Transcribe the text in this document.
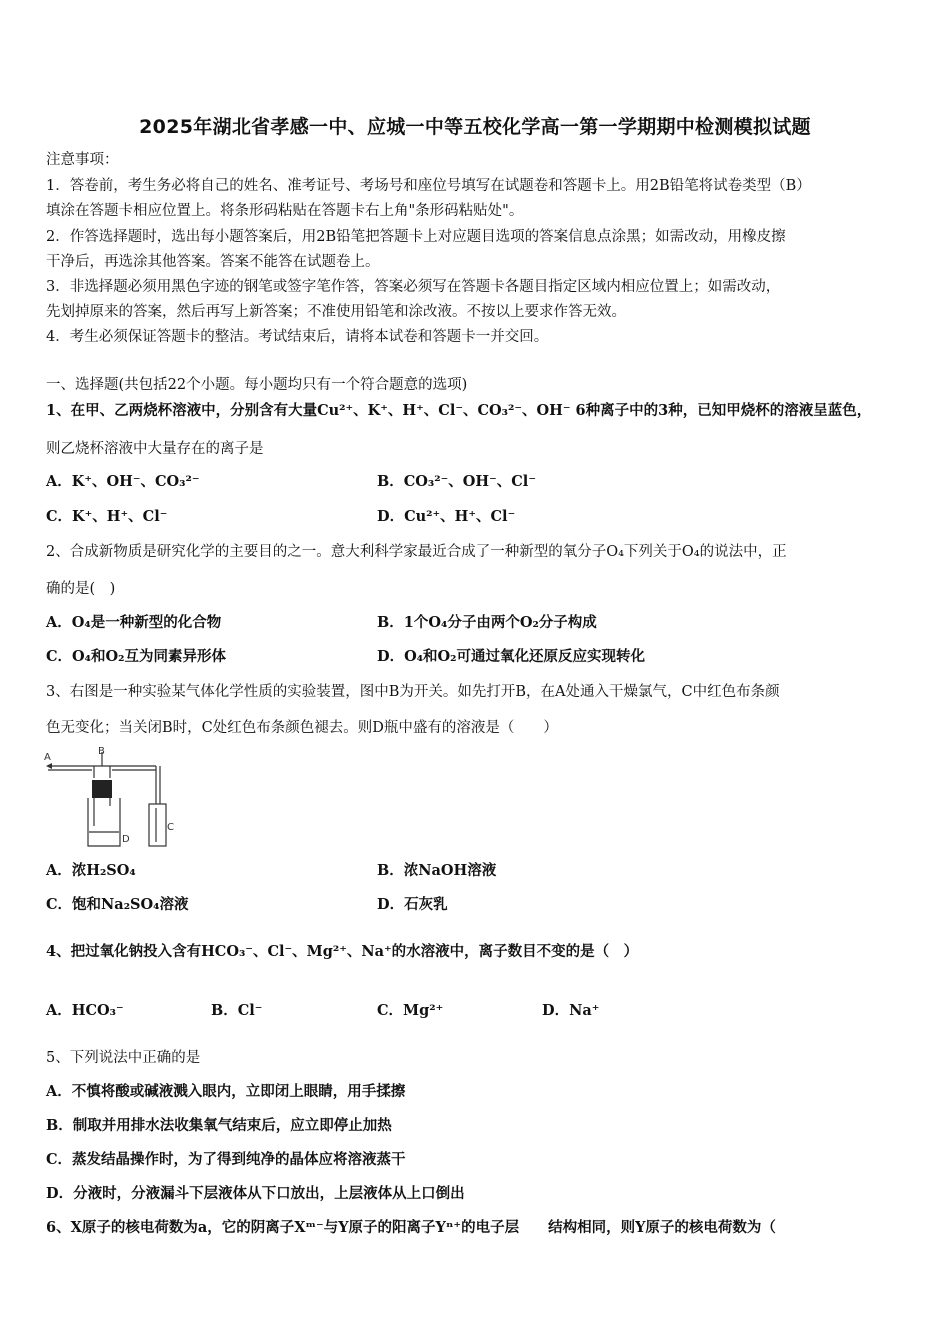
2025年湖北省孝感一中、应城一中等五校化学高一第一学期期中检测模拟试题
注意事项：
1．答卷前，考生务必将自己的姓名、准考证号、考场号和座位号填写在试题卷和答题卡上。用2B铅笔将试卷类型（B）
填涂在答题卡相应位置上。将条形码粘贴在答题卡右上角"条形码粘贴处"。
2．作答选择题时，选出每小题答案后，用2B铅笔把答题卡上对应题目选项的答案信息点涂黑；如需改动，用橡皮擦
干净后，再选涂其他答案。答案不能答在试题卷上。
3．非选择题必须用黑色字迹的钢笔或签字笔作答，答案必须写在答题卡各题目指定区域内相应位置上；如需改动，
先划掉原来的答案，然后再写上新答案；不准使用铅笔和涂改液。不按以上要求作答无效。
4．考生必须保证答题卡的整洁。考试结束后，请将本试卷和答题卡一并交回。
一、选择题(共包括22个小题。每小题均只有一个符合题意的选项)
1、在甲、乙两烧杯溶液中，分别含有大量Cu²⁺、K⁺、H⁺、Cl⁻、CO₃²⁻、OH⁻ 6种离子中的3种，已知甲烧杯的溶液呈蓝色，
则乙烧杯溶液中大量存在的离子是
A．K⁺、OH⁻、CO₃²⁻	B．CO₃²⁻、OH⁻、Cl⁻
C．K⁺、H⁺、Cl⁻	D．Cu²⁺、H⁺、Cl⁻
2、合成新物质是研究化学的主要目的之一。意大利科学家最近合成了一种新型的氧分子O₄下列关于O₄的说法中，正
确的是(　)
A．O₄是一种新型的化合物	B．1个O₄分子由两个O₂分子构成
C．O₄和O₂互为同素异形体	D．O₄和O₂可通过氧化还原反应实现转化
3、右图是一种实验某气体化学性质的实验装置，图中B为开关。如先打开B，在A处通入干燥氯气，C中红色布条颜
色无变化；当关闭B时，C处红色布条颜色褪去。则D瓶中盛有的溶液是（　　）
A
B
D
C
A．浓H₂SO₄	B．浓NaOH溶液
C．饱和Na₂SO₄溶液	D．石灰乳
4、把过氧化钠投入含有HCO₃⁻、Cl⁻、Mg²⁺、Na⁺的水溶液中，离子数目不变的是（　）
A．HCO₃⁻	B．Cl⁻	C．Mg²⁺	D．Na⁺
5、下列说法中正确的是
A．不慎将酸或碱液溅入眼内，立即闭上眼睛，用手揉擦
B．制取并用排水法收集氧气结束后，应立即停止加热
C．蒸发结晶操作时，为了得到纯净的晶体应将溶液蒸干
D．分液时，分液漏斗下层液体从下口放出，上层液体从上口倒出
6、X原子的核电荷数为a，它的阴离子Xᵐ⁻与Y原子的阳离子Yⁿ⁺的电子层　　结构相同，则Y原子的核电荷数为（
